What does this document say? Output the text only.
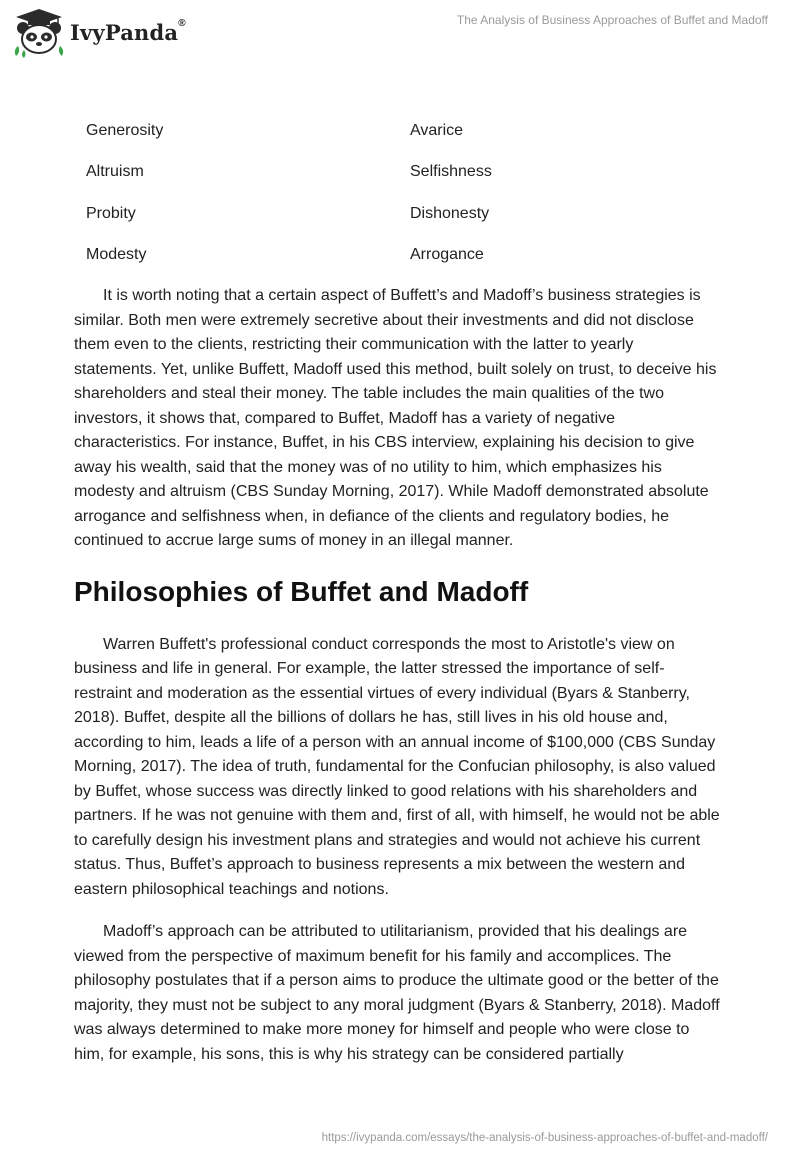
IvyPanda®	The Analysis of Business Approaches of Buffet and Madoff
Generosity	Avarice
Altruism	Selfishness
Probity	Dishonesty
Modesty	Arrogance

It is worth noting that a certain aspect of Buffett’s and Madoff’s business strategies is similar. Both men were extremely secretive about their investments and did not disclose them even to the clients, restricting their communication with the latter to yearly statements. Yet, unlike Buffett, Madoff used this method, built solely on trust, to deceive his shareholders and steal their money. The table includes the main qualities of the two investors, it shows that, compared to Buffet, Madoff has a variety of negative characteristics. For instance, Buffet, in his CBS interview, explaining his decision to give away his wealth, said that the money was of no utility to him, which emphasizes his modesty and altruism (CBS Sunday Morning, 2017). While Madoff demonstrated absolute arrogance and selfishness when, in defiance of the clients and regulatory bodies, he continued to accrue large sums of money in an illegal manner.

Philosophies of Buffet and Madoff

Warren Buffett's professional conduct corresponds the most to Aristotle's view on business and life in general. For example, the latter stressed the importance of self-restraint and moderation as the essential virtues of every individual (Byars & Stanberry, 2018). Buffet, despite all the billions of dollars he has, still lives in his old house and, according to him, leads a life of a person with an annual income of $100,000 (CBS Sunday Morning, 2017). The idea of truth, fundamental for the Confucian philosophy, is also valued by Buffet, whose success was directly linked to good relations with his shareholders and partners. If he was not genuine with them and, first of all, with himself, he would not be able to carefully design his investment plans and strategies and would not achieve his current status. Thus, Buffet’s approach to business represents a mix between the western and eastern philosophical teachings and notions.

Madoff’s approach can be attributed to utilitarianism, provided that his dealings are viewed from the perspective of maximum benefit for his family and accomplices. The philosophy postulates that if a person aims to produce the ultimate good or the better of the majority, they must not be subject to any moral judgment (Byars & Stanberry, 2018). Madoff was always determined to make more money for himself and people who were close to him, for example, his sons, this is why his strategy can be considered partially

https://ivypanda.com/essays/the-analysis-of-business-approaches-of-buffet-and-madoff/
